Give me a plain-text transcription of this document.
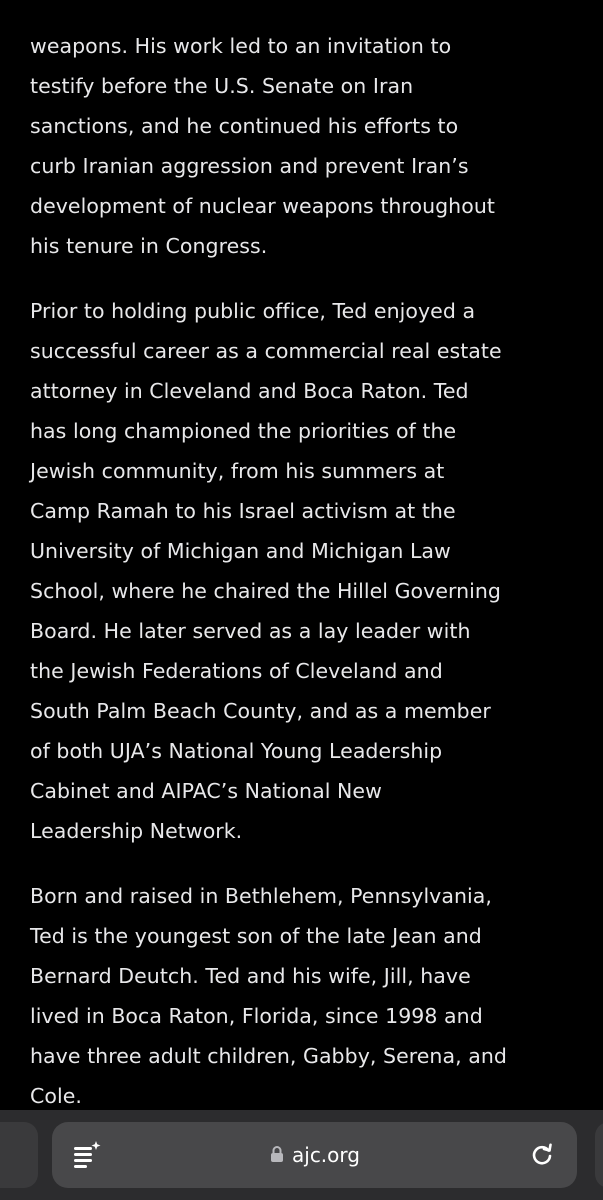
weapons. His work led to an invitation to
testify before the U.S. Senate on Iran
sanctions, and he continued his efforts to
curb Iranian aggression and prevent Iran’s
development of nuclear weapons throughout
his tenure in Congress.

Prior to holding public office, Ted enjoyed a
successful career as a commercial real estate
attorney in Cleveland and Boca Raton. Ted
has long championed the priorities of the
Jewish community, from his summers at
Camp Ramah to his Israel activism at the
University of Michigan and Michigan Law
School, where he chaired the Hillel Governing
Board. He later served as a lay leader with
the Jewish Federations of Cleveland and
South Palm Beach County, and as a member
of both UJA’s National Young Leadership
Cabinet and AIPAC’s National New
Leadership Network.

Born and raised in Bethlehem, Pennsylvania,
Ted is the youngest son of the late Jean and
Bernard Deutch. Ted and his wife, Jill, have
lived in Boca Raton, Florida, since 1998 and
have three adult children, Gabby, Serena, and
Cole.

ajc.org
